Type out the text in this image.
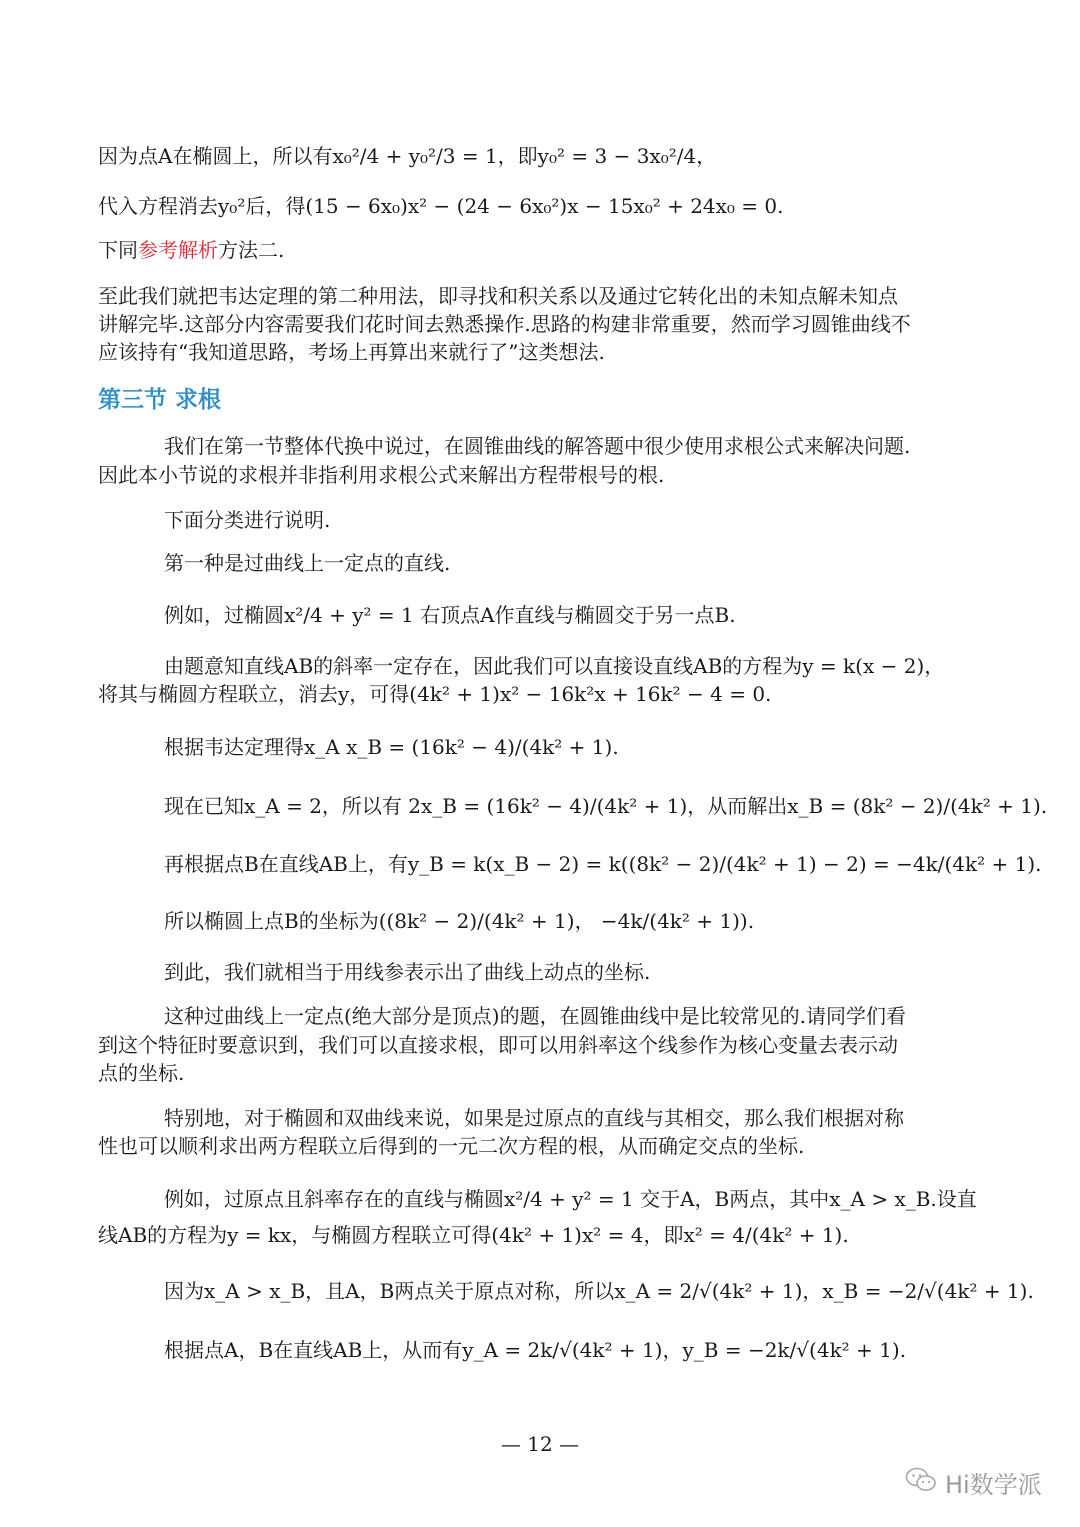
因为点A在椭圆上，所以有x₀²/4 + y₀²/3 = 1，即y₀² = 3 − 3x₀²/4，
代入方程消去y₀²后，得(15 − 6x₀)x² − (24 − 6x₀²)x − 15x₀² + 24x₀ = 0.
下同参考解析方法二.
至此我们就把韦达定理的第二种用法，即寻找和积关系以及通过它转化出的未知点解未知点
讲解完毕.这部分内容需要我们花时间去熟悉操作.思路的构建非常重要，然而学习圆锥曲线不
应该持有“我知道思路，考场上再算出来就行了”这类想法.
第三节 求根
我们在第一节整体代换中说过，在圆锥曲线的解答题中很少使用求根公式来解决问题.
因此本小节说的求根并非指利用求根公式来解出方程带根号的根.
下面分类进行说明.
第一种是过曲线上一定点的直线.
例如，过椭圆x²/4 + y² = 1 右顶点A作直线与椭圆交于另一点B.
由题意知直线AB的斜率一定存在，因此我们可以直接设直线AB的方程为y = k(x − 2)，
将其与椭圆方程联立，消去y，可得(4k² + 1)x² − 16k²x + 16k² − 4 = 0.
根据韦达定理得x_A x_B = (16k² − 4)/(4k² + 1).
现在已知x_A = 2，所以有 2x_B = (16k² − 4)/(4k² + 1)，从而解出x_B = (8k² − 2)/(4k² + 1).
再根据点B在直线AB上，有y_B = k(x_B − 2) = k((8k² − 2)/(4k² + 1) − 2) = −4k/(4k² + 1).
所以椭圆上点B的坐标为((8k² − 2)/(4k² + 1)， −4k/(4k² + 1)).
到此，我们就相当于用线参表示出了曲线上动点的坐标.
这种过曲线上一定点(绝大部分是顶点)的题，在圆锥曲线中是比较常见的.请同学们看
到这个特征时要意识到，我们可以直接求根，即可以用斜率这个线参作为核心变量去表示动
点的坐标.
特别地，对于椭圆和双曲线来说，如果是过原点的直线与其相交，那么我们根据对称
性也可以顺利求出两方程联立后得到的一元二次方程的根，从而确定交点的坐标.
例如，过原点且斜率存在的直线与椭圆x²/4 + y² = 1 交于A，B两点，其中x_A > x_B.设直
线AB的方程为y = kx，与椭圆方程联立可得(4k² + 1)x² = 4，即x² = 4/(4k² + 1).
因为x_A > x_B，且A，B两点关于原点对称，所以x_A = 2/√(4k² + 1)，x_B = −2/√(4k² + 1).
根据点A，B在直线AB上，从而有y_A = 2k/√(4k² + 1)，y_B = −2k/√(4k² + 1).
— 12 —
Hi数学派
